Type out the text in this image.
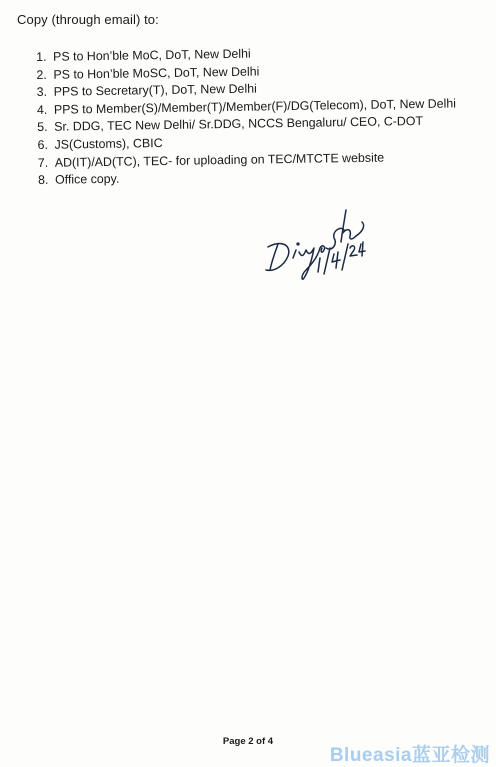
Copy (through email) to:
1. PS to Hon’ble MoC, DoT, New Delhi
2. PS to Hon’ble MoSC, DoT, New Delhi
3. PPS to Secretary(T), DoT, New Delhi
4. PPS to Member(S)/Member(T)/Member(F)/DG(Telecom), DoT, New Delhi
5. Sr. DDG, TEC New Delhi/ Sr.DDG, NCCS Bengaluru/ CEO, C-DOT
6. JS(Customs), CBIC
7. AD(IT)/AD(TC), TEC- for uploading on TEC/MTCTE website
8. Office copy.
Page 2 of 4
Blueasia蓝亚检测
